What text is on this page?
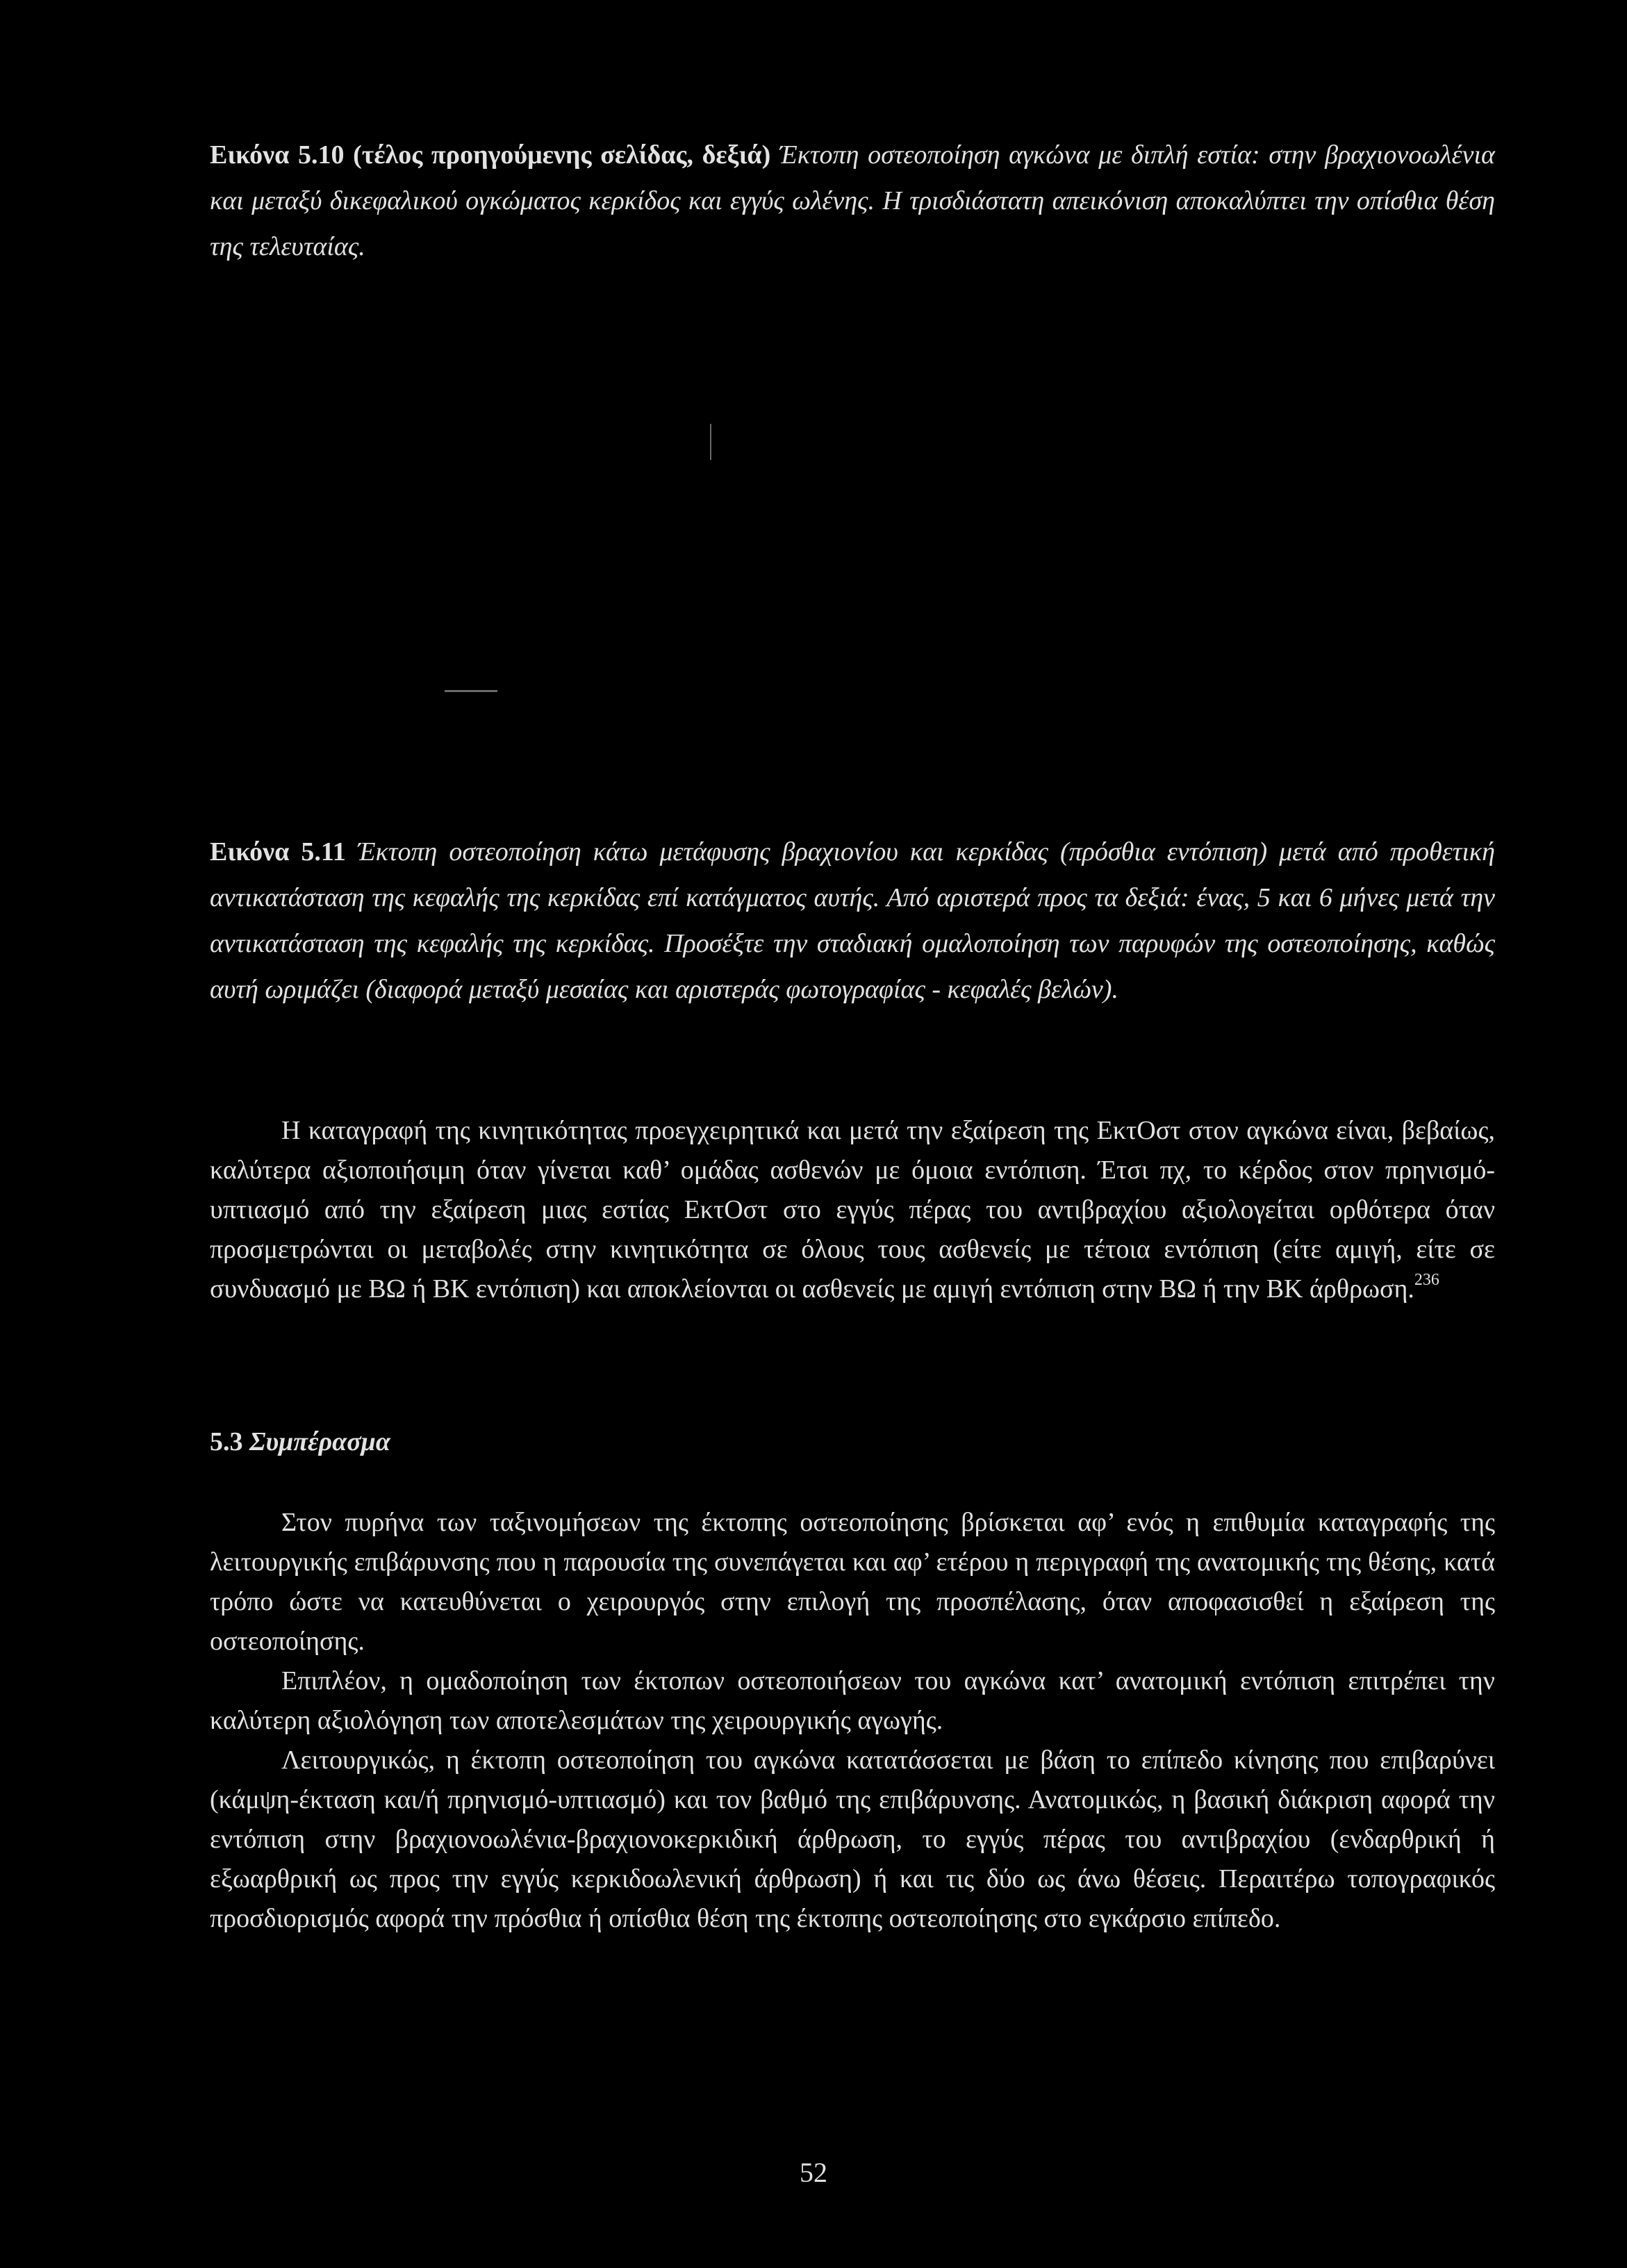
Εικόνα 5.10 (τέλος προηγούμενης σελίδας, δεξιά) Έκτοπη οστεοποίηση αγκώνα με διπλή εστία: στην βραχιονοωλένια και μεταξύ δικεφαλικού ογκώματος κερκίδος και εγγύς ωλένης. Η τρισδιάστατη απεικόνιση αποκαλύπτει την οπίσθια θέση της τελευταίας.

Εικόνα 5.11 Έκτοπη οστεοποίηση κάτω μετάφυσης βραχιονίου και κερκίδας (πρόσθια εντόπιση) μετά από προθετική αντικατάσταση της κεφαλής της κερκίδας επί κατάγματος αυτής. Από αριστερά προς τα δεξιά: ένας, 5 και 6 μήνες μετά την αντικατάσταση της κεφαλής της κερκίδας. Προσέξτε την σταδιακή ομαλοποίηση των παρυφών της οστεοποίησης, καθώς αυτή ωριμάζει (διαφορά μεταξύ μεσαίας και αριστεράς φωτογραφίας - κεφαλές βελών).

Η καταγραφή της κινητικότητας προεγχειρητικά και μετά την εξαίρεση της ΕκτΟστ στον αγκώνα είναι, βεβαίως, καλύτερα αξιοποιήσιμη όταν γίνεται καθ’ ομάδας ασθενών με όμοια εντόπιση. Έτσι πχ, το κέρδος στον πρηνισμό-υπτιασμό από την εξαίρεση μιας εστίας ΕκτΟστ στο εγγύς πέρας του αντιβραχίου αξιολογείται ορθότερα όταν προσμετρώνται οι μεταβολές στην κινητικότητα σε όλους τους ασθενείς με τέτοια εντόπιση (είτε αμιγή, είτε σε συνδυασμό με ΒΩ ή ΒΚ εντόπιση) και αποκλείονται οι ασθενείς με αμιγή εντόπιση στην ΒΩ ή την ΒΚ άρθρωση.$^{236}$

5.3 Συμπέρασμα

Στον πυρήνα των ταξινομήσεων της έκτοπης οστεοποίησης βρίσκεται αφ’ ενός η επιθυμία καταγραφής της λειτουργικής επιβάρυνσης που η παρουσία της συνεπάγεται και αφ’ ετέρου η περιγραφή της ανατομικής της θέσης, κατά τρόπο ώστε να κατευθύνεται ο χειρουργός στην επιλογή της προσπέλασης, όταν αποφασισθεί η εξαίρεση της οστεοποίησης.

Επιπλέον, η ομαδοποίηση των έκτοπων οστεοποιήσεων του αγκώνα κατ’ ανατομική εντόπιση επιτρέπει την καλύτερη αξιολόγηση των αποτελεσμάτων της χειρουργικής αγωγής.

Λειτουργικώς, η έκτοπη οστεοποίηση του αγκώνα κατατάσσεται με βάση το επίπεδο κίνησης που επιβαρύνει (κάμψη-έκταση και/ή πρηνισμό-υπτιασμό) και τον βαθμό της επιβάρυνσης. Ανατομικώς, η βασική διάκριση αφορά την εντόπιση στην βραχιονοωλένια-βραχιονοκερκιδική άρθρωση, το εγγύς πέρας του αντιβραχίου (ενδαρθρική ή εξωαρθρική ως προς την εγγύς κερκιδοωλενική άρθρωση) ή και τις δύο ως άνω θέσεις. Περαιτέρω τοπογραφικός προσδιορισμός αφορά την πρόσθια ή οπίσθια θέση της έκτοπης οστεοποίησης στο εγκάρσιο επίπεδο.

52
